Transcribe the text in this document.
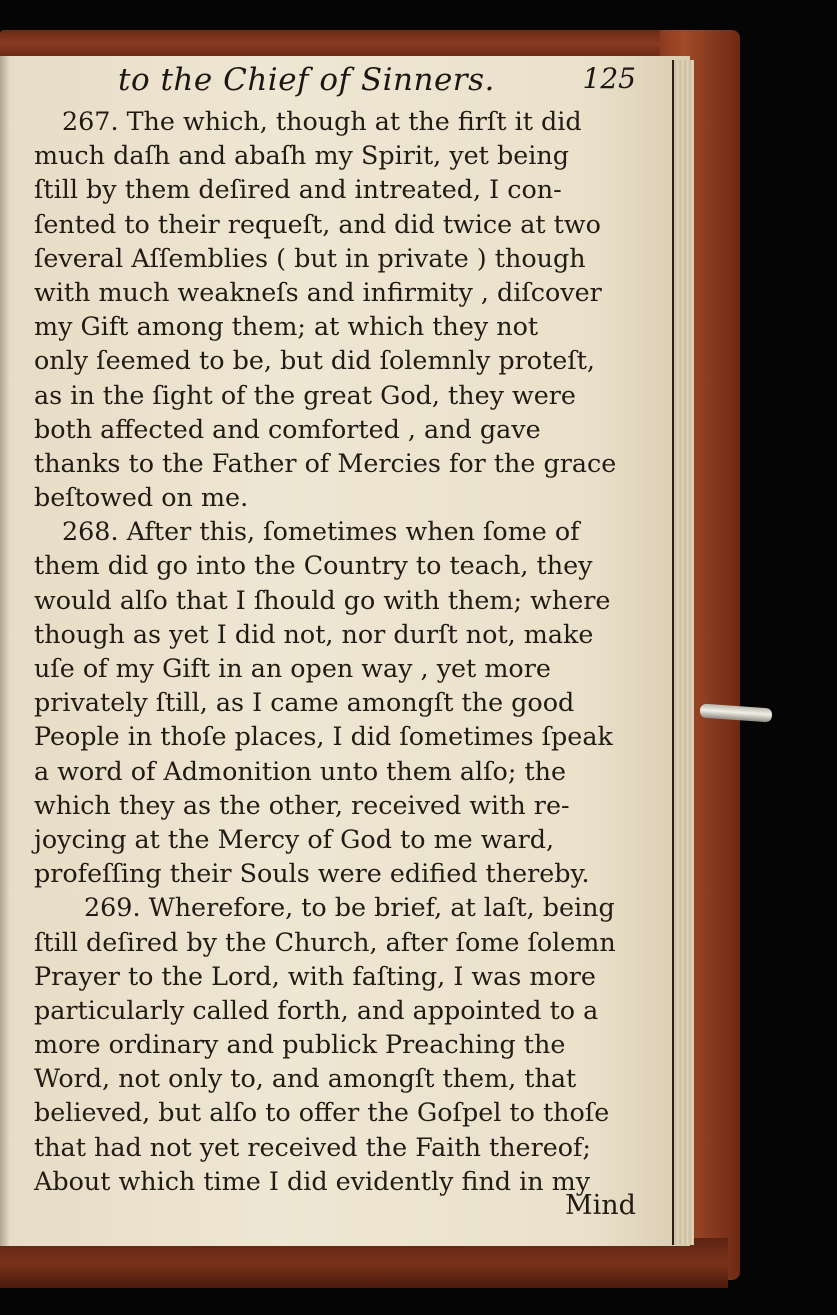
to the Chief of Sinners.	125
267. The which, though at the firſt it did
much daſh and abaſh my Spirit, yet being
ſtill by them deſired and intreated, I con-
ſented to their requeſt, and did twice at two
ſeveral Aſſemblies ( but in private ) though
with much weakneſs and infirmity , diſcover
my Gift among them; at which they not
only ſeemed to be, but did ſolemnly proteſt,
as in the ſight of the great God, they were
both affected and comforted , and gave
thanks to the Father of Mercies for the grace
beſtowed on me.
268. After this, ſometimes when ſome of
them did go into the Country to teach, they
would alſo that I ſhould go with them; where
though as yet I did not, nor durſt not, make
uſe of my Gift in an open way , yet more
privately ſtill, as I came amongſt the good
People in thoſe places, I did ſometimes ſpeak
a word of Admonition unto them alſo; the
which they as the other, received with re-
joycing at the Mercy of God to me ward,
profeſſing their Souls were edified thereby.
269. Wherefore, to be brief, at laſt, being
ſtill deſired by the Church, after ſome ſolemn
Prayer to the Lord, with faſting, I was more
particularly called forth, and appointed to a
more ordinary and publick Preaching the
Word, not only to, and amongſt them, that
believed, but alſo to offer the Goſpel to thoſe
that had not yet received the Faith thereof;
About which time I did evidently find in my
Mind
